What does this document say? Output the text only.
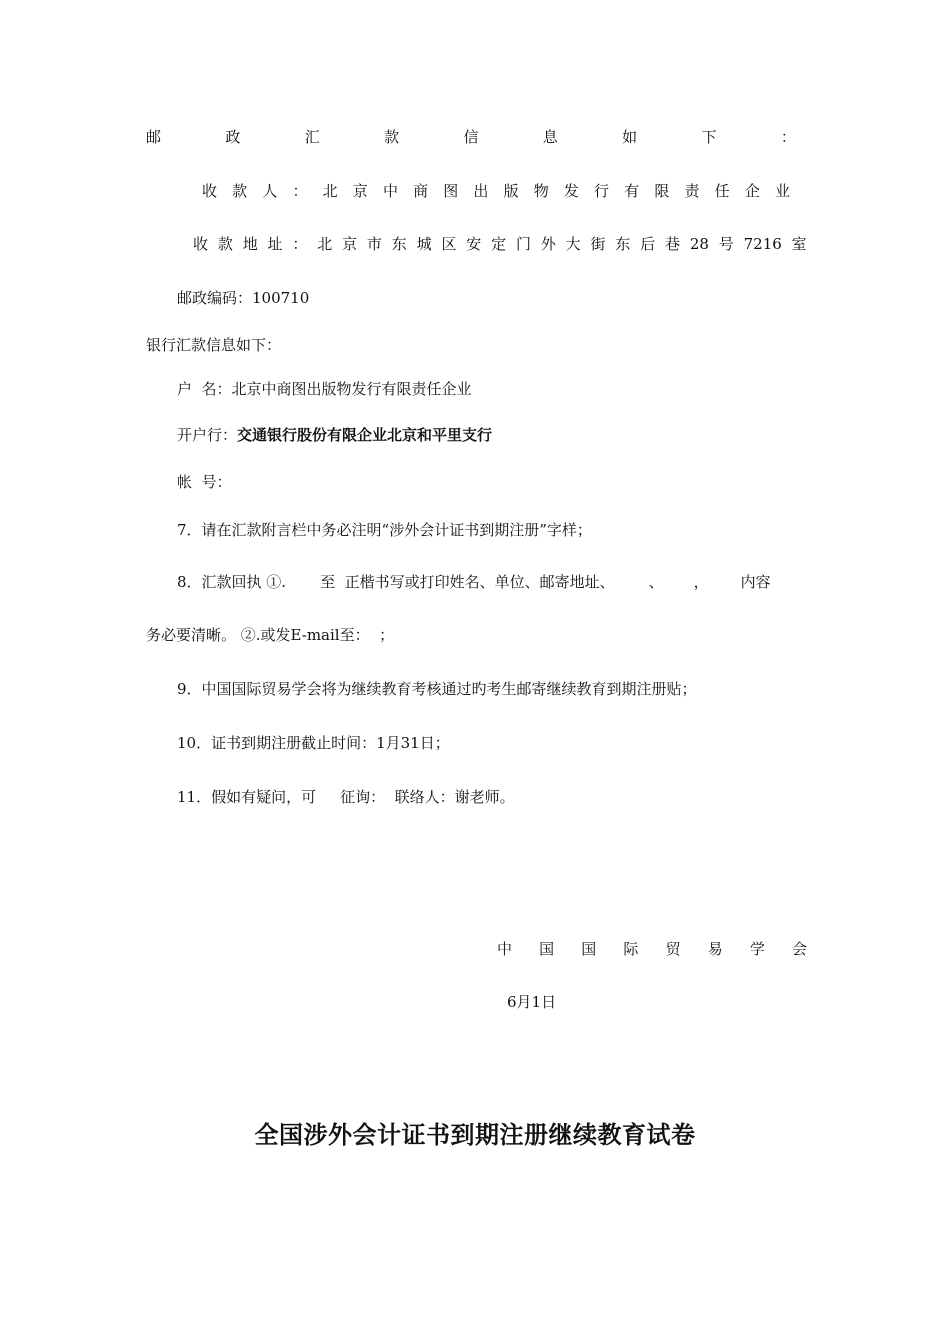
邮	政	汇	款	信	息	如	下	：
收 款 人 ： 北 京 中 商 图 出 版 物 发 行 有 限 责 任 企 业
收 款 地 址 ： 北 京 市 东 城 区 安 定 门 外 大 街 东 后 巷 28 号 7216 室
邮政编码：100710
银行汇款信息如下：
户  名：北京中商图出版物发行有限责任企业
开户行：交通银行股份有限企业北京和平里支行
帐  号：
7．请在汇款附言栏中务必注明“涉外会计证书到期注册”字样；
8．汇款回执 ①. 至  正楷书写或打印姓名、单位、邮寄地址、 、 ， 内容
务必要清晰。 ②.或发E-mail至：  ；
9．中国国际贸易学会将为继续教育考核通过旳考生邮寄继续教育到期注册贴；
10．证书到期注册截止时间：1月31日；
11．假如有疑问，可 征询：  联络人：谢老师。
中 国 国 际 贸 易 学 会
6月1日
全国涉外会计证书到期注册继续教育试卷
